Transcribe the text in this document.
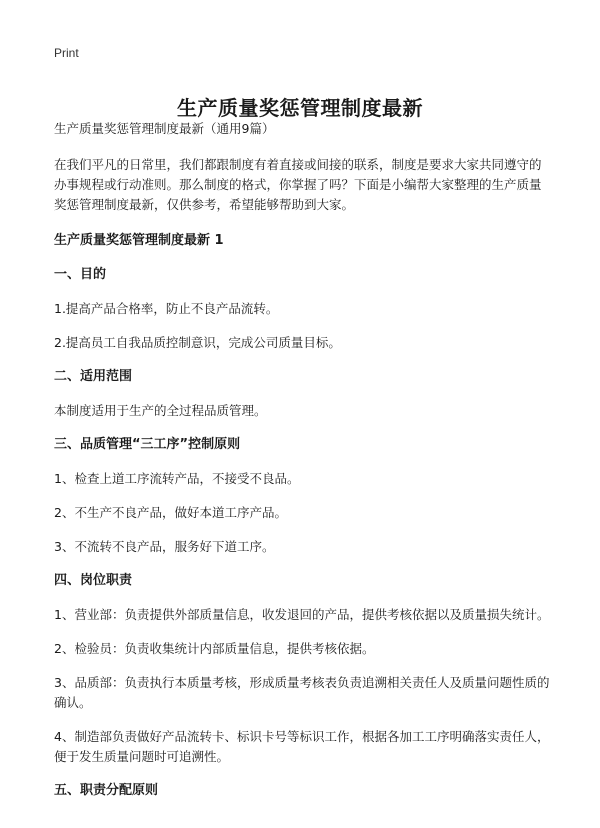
Print
生产质量奖惩管理制度最新

生产质量奖惩管理制度最新（通用9篇）

在我们平凡的日常里，我们都跟制度有着直接或间接的联系，制度是要求大家共同遵守的办事规程或行动准则。那么制度的格式，你掌握了吗？下面是小编帮大家整理的生产质量奖惩管理制度最新，仅供参考，希望能够帮助到大家。

生产质量奖惩管理制度最新 1
一、目的

1.提高产品合格率，防止不良产品流转。

2.提高员工自我品质控制意识，完成公司质量目标。

二、适用范围

本制度适用于生产的全过程品质管理。

三、品质管理“三工序”控制原则

1、检查上道工序流转产品，不接受不良品。

2、不生产不良产品，做好本道工序产品。

3、不流转不良产品，服务好下道工序。

四、岗位职责

1、营业部：负责提供外部质量信息，收发退回的产品，提供考核依据以及质量损失统计。

2、检验员：负责收集统计内部质量信息，提供考核依据。

3、品质部：负责执行本质量考核，形成质量考核表负责追溯相关责任人及质量问题性质的确认。

4、制造部负责做好产品流转卡、标识卡号等标识工作，根据各加工工序明确落实责任人，便于发生质量问题时可追溯性。

五、职责分配原则
